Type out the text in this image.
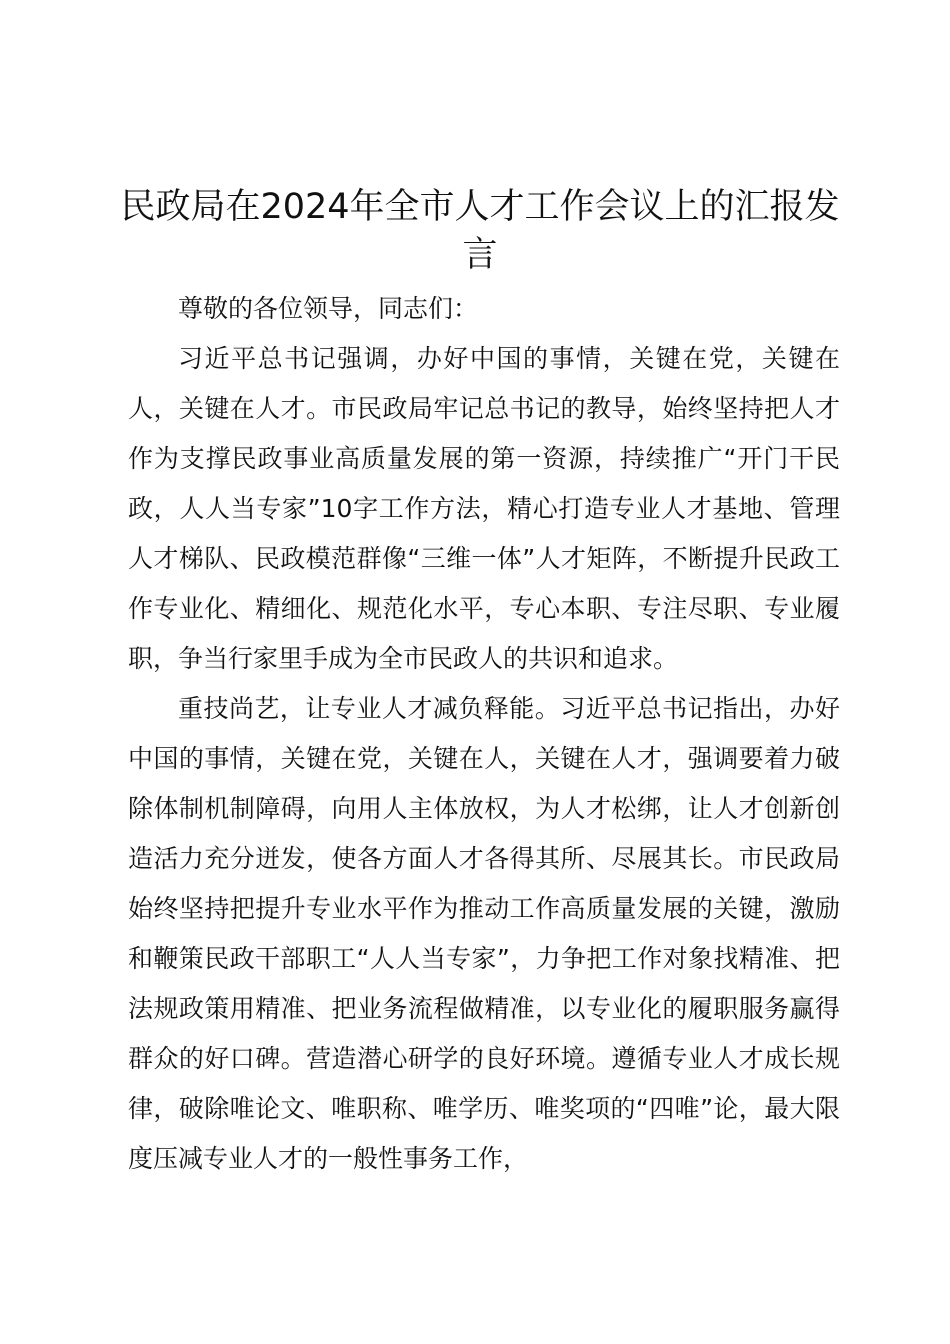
民政局在2024年全市人才工作会议上的汇报发言

尊敬的各位领导，同志们：

习近平总书记强调，办好中国的事情，关键在党，关键在人，关键在人才。市民政局牢记总书记的教导，始终坚持把人才作为支撑民政事业高质量发展的第一资源，持续推广“开门干民政，人人当专家”10字工作方法，精心打造专业人才基地、管理人才梯队、民政模范群像“三维一体”人才矩阵，不断提升民政工作专业化、精细化、规范化水平，专心本职、专注尽职、专业履职，争当行家里手成为全市民政人的共识和追求。

重技尚艺，让专业人才减负释能。习近平总书记指出，办好中国的事情，关键在党，关键在人，关键在人才，强调要着力破除体制机制障碍，向用人主体放权，为人才松绑，让人才创新创造活力充分迸发，使各方面人才各得其所、尽展其长。市民政局始终坚持把提升专业水平作为推动工作高质量发展的关键，激励和鞭策民政干部职工“人人当专家”，力争把工作对象找精准、把法规政策用精准、把业务流程做精准，以专业化的履职服务赢得群众的好口碑。营造潜心研学的良好环境。遵循专业人才成长规律，破除唯论文、唯职称、唯学历、唯奖项的“四唯”论，最大限度压减专业人才的一般性事务工作，
